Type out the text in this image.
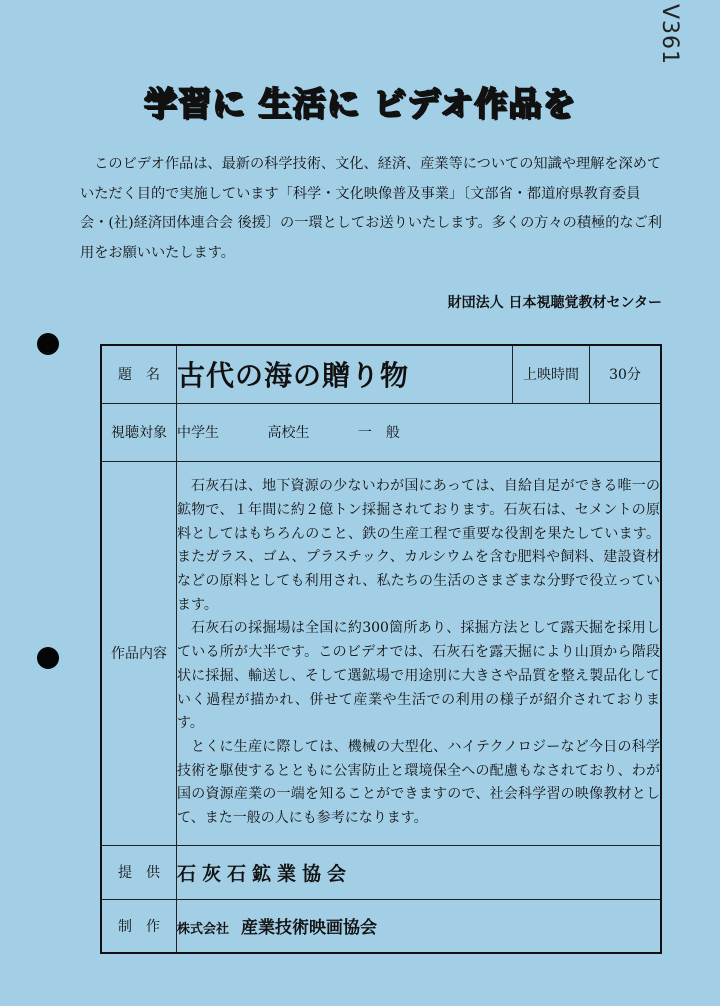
V361
学習に 生活に ビデオ作品を
このビデオ作品は、最新の科学技術、文化、経済、産業等についての知識や理解を深めていただく目的で実施しています「科学・文化映像普及事業」〔文部省・都道府県教育委員会・(社)経済団体連合会 後援〕の一環としてお送りいたします。多くの方々の積極的なご利用をお願いいたします。
財団法人 日本視聴覚教材センター
題　名	古代の海の贈り物	上映時間	30分
視聴対象	中学生 高校生 一　般		
作品内容	石灰石は、地下資源の少ないわが国にあっては、自給自足ができる唯一の鉱物で、１年間に約２億トン採掘されております。石灰石は、セメントの原料としてはもちろんのこと、鉄の生産工程で重要な役割を果たしています。またガラス、ゴム、プラスチック、カルシウムを含む肥料や飼料、建設資材などの原料としても利用され、私たちの生活のさまざまな分野で役立っています。

石灰石の採掘場は全国に約300箇所あり、採掘方法として露天掘を採用している所が大半です。このビデオでは、石灰石を露天掘により山頂から階段状に採掘、輸送し、そして選鉱場で用途別に大きさや品質を整え製品化していく過程が描かれ、併せて産業や生活での利用の様子が紹介されております。

とくに生産に際しては、機械の大型化、ハイテクノロジーなど今日の科学技術を駆使するとともに公害防止と環境保全への配慮もなされており、わが国の資源産業の一端を知ることができますので、社会科学習の映像教材として、また一般の人にも参考になります。		

提　供	石灰石鉱業協会		
制　作	株式会社 産業技術映画協会		
